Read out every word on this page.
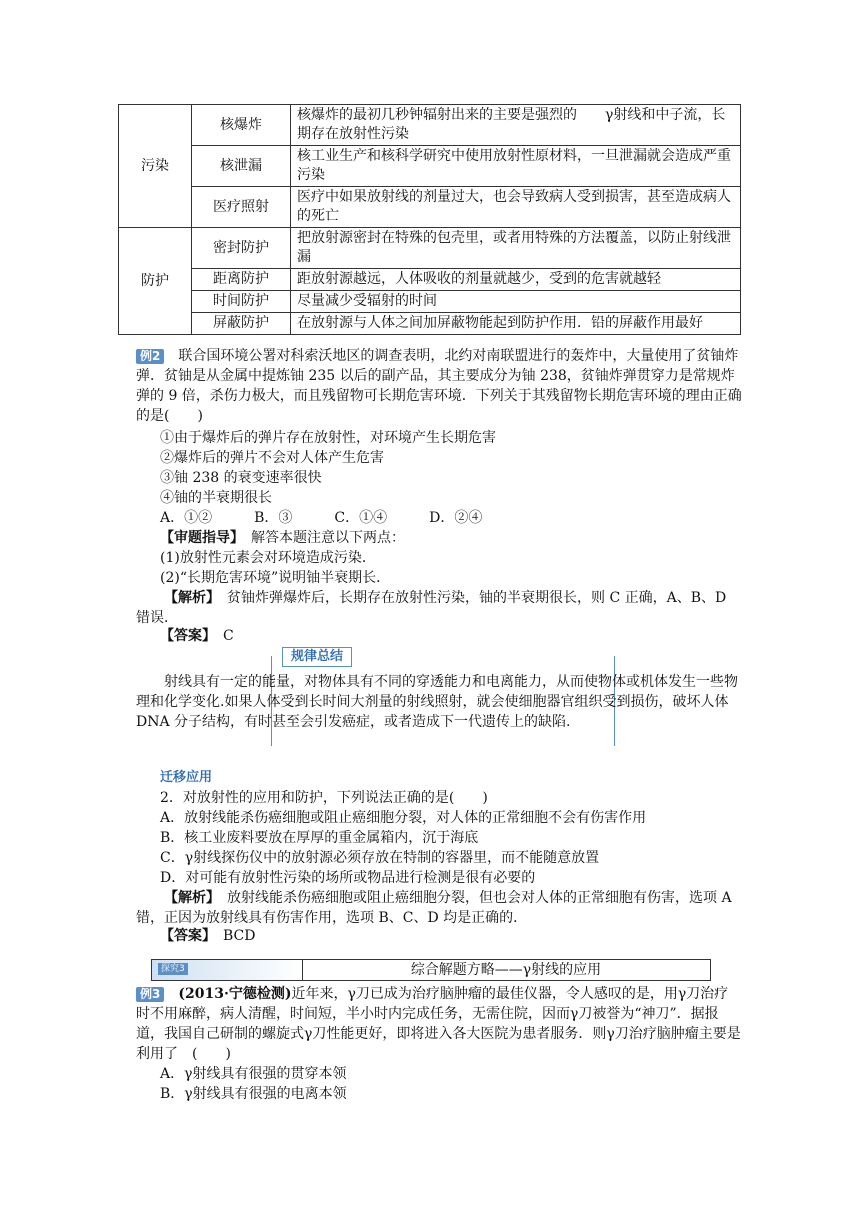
污染	核爆炸	核爆炸的最初几秒钟辐射出来的主要是强烈的　　γ射线和中子流，长期存在放射性污染
	核泄漏	核工业生产和核科学研究中使用放射性原材料，一旦泄漏就会造成严重污染
	医疗照射	医疗中如果放射线的剂量过大，也会导致病人受到损害，甚至造成病人的死亡
防护	密封防护	把放射源密封在特殊的包壳里，或者用特殊的方法覆盖，以防止射线泄漏
	距离防护	距放射源越远，人体吸收的剂量就越少，受到的危害就越轻
	时间防护	尽量减少受辐射的时间
	屏蔽防护	在放射源与人体之间加屏蔽物能起到防护作用．铅的屏蔽作用最好
例2 联合国环境公署对科索沃地区的调查表明，北约对南联盟进行的轰炸中，大量使用了贫铀炸弹．贫铀是从金属中提炼铀 235 以后的副产品，其主要成分为铀 238，贫铀炸弹贯穿力是常规炸弹的 9 倍，杀伤力极大，而且残留物可长期危害环境．下列关于其残留物长期危害环境的理由正确的是(　　)
①由于爆炸后的弹片存在放射性，对环境产生长期危害
②爆炸后的弹片不会对人体产生危害
③铀 238 的衰变速率很快
④铀的半衰期很长
A．①②　　　B．③　　　C．①④　　　D．②④
【审题指导】　 解答本题注意以下两点：
(1)放射性元素会对环境造成污染．
(2)“长期危害环境”说明铀半衰期长．
【解析】　 贫铀炸弹爆炸后，长期存在放射性污染，铀的半衰期很长，则 C 正确，A、B、D 错误．
【答案】　 C
规律总结
射线具有一定的能量，对物体具有不同的穿透能力和电离能力，从而使物体或机体发生一些物理和化学变化.如果人体受到长时间大剂量的射线照射，就会使细胞器官组织受到损伤，破坏人体 DNA 分子结构，有时甚至会引发癌症，或者造成下一代遗传上的缺陷.
迁移应用
2．对放射性的应用和防护，下列说法正确的是(　　)
A．放射线能杀伤癌细胞或阻止癌细胞分裂，对人体的正常细胞不会有伤害作用
B．核工业废料要放在厚厚的重金属箱内，沉于海底
C．γ射线探伤仪中的放射源必须存放在特制的容器里，而不能随意放置
D．对可能有放射性污染的场所或物品进行检测是很有必要的
【解析】　 放射线能杀伤癌细胞或阻止癌细胞分裂，但也会对人体的正常细胞有伤害，选项 A 错，正因为放射线具有伤害作用，选项 B、C、D 均是正确的．
【答案】　 BCD
探究3	综合解题方略——γ射线的应用
例3 (2013·宁德检测)近年来，γ刀已成为治疗脑肿瘤的最佳仪器，令人感叹的是，用γ刀治疗时不用麻醉，病人清醒，时间短，半小时内完成任务，无需住院，因而γ刀被誉为“神刀”．据报道，我国自己研制的螺旋式γ刀性能更好，即将进入各大医院为患者服务．则γ刀治疗脑肿瘤主要是利用了　(　　)
A．γ射线具有很强的贯穿本领
B．γ射线具有很强的电离本领
